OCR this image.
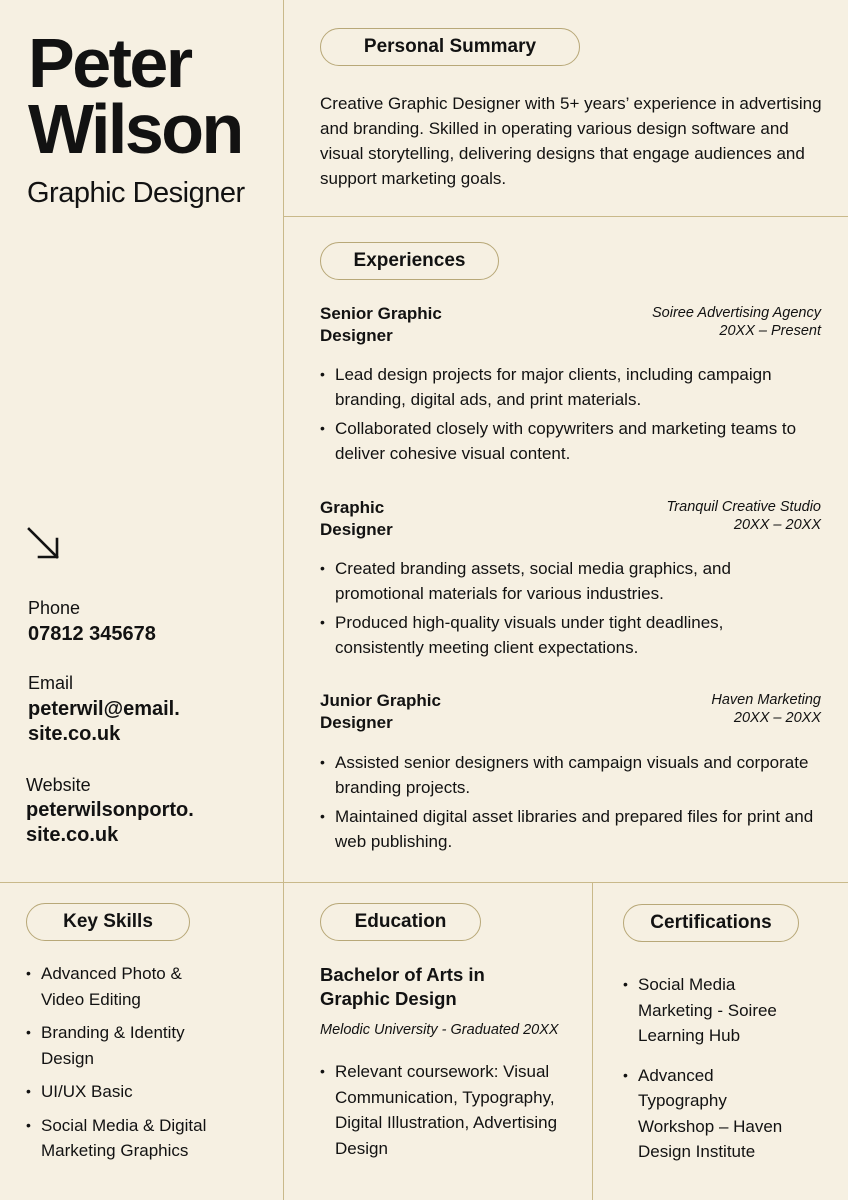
Peter
Wilson
Graphic Designer
Phone
07812 345678
Email
peterwil@email.
site.co.uk
Website
peterwilsonporto.
site.co.uk
Personal Summary
Creative Graphic Designer with 5+ years’ experience in advertising and branding. Skilled in operating various design software and visual storytelling, delivering designs that engage audiences and support marketing goals.
Experiences
Senior Graphic
Designer
Soiree Advertising Agency
20XX – Present
• Lead design projects for major clients, including campaign branding, digital ads, and print materials.
• Collaborated closely with copywriters and marketing teams to deliver cohesive visual content.
Graphic
Designer
Tranquil Creative Studio
20XX – 20XX
• Created branding assets, social media graphics, and promotional materials for various industries.
• Produced high-quality visuals under tight deadlines, consistently meeting client expectations.
Junior Graphic
Designer
Haven Marketing
20XX – 20XX
• Assisted senior designers with campaign visuals and corporate branding projects.
• Maintained digital asset libraries and prepared files for print and web publishing.
Key Skills
• Advanced Photo & Video Editing
• Branding & Identity Design
• UI/UX Basic
• Social Media & Digital Marketing Graphics
Education
Bachelor of Arts in
Graphic Design
Melodic University - Graduated 20XX
• Relevant coursework: Visual Communication, Typography, Digital Illustration, Advertising Design
Certifications
• Social Media Marketing - Soiree Learning Hub
• Advanced Typography Workshop – Haven Design Institute
